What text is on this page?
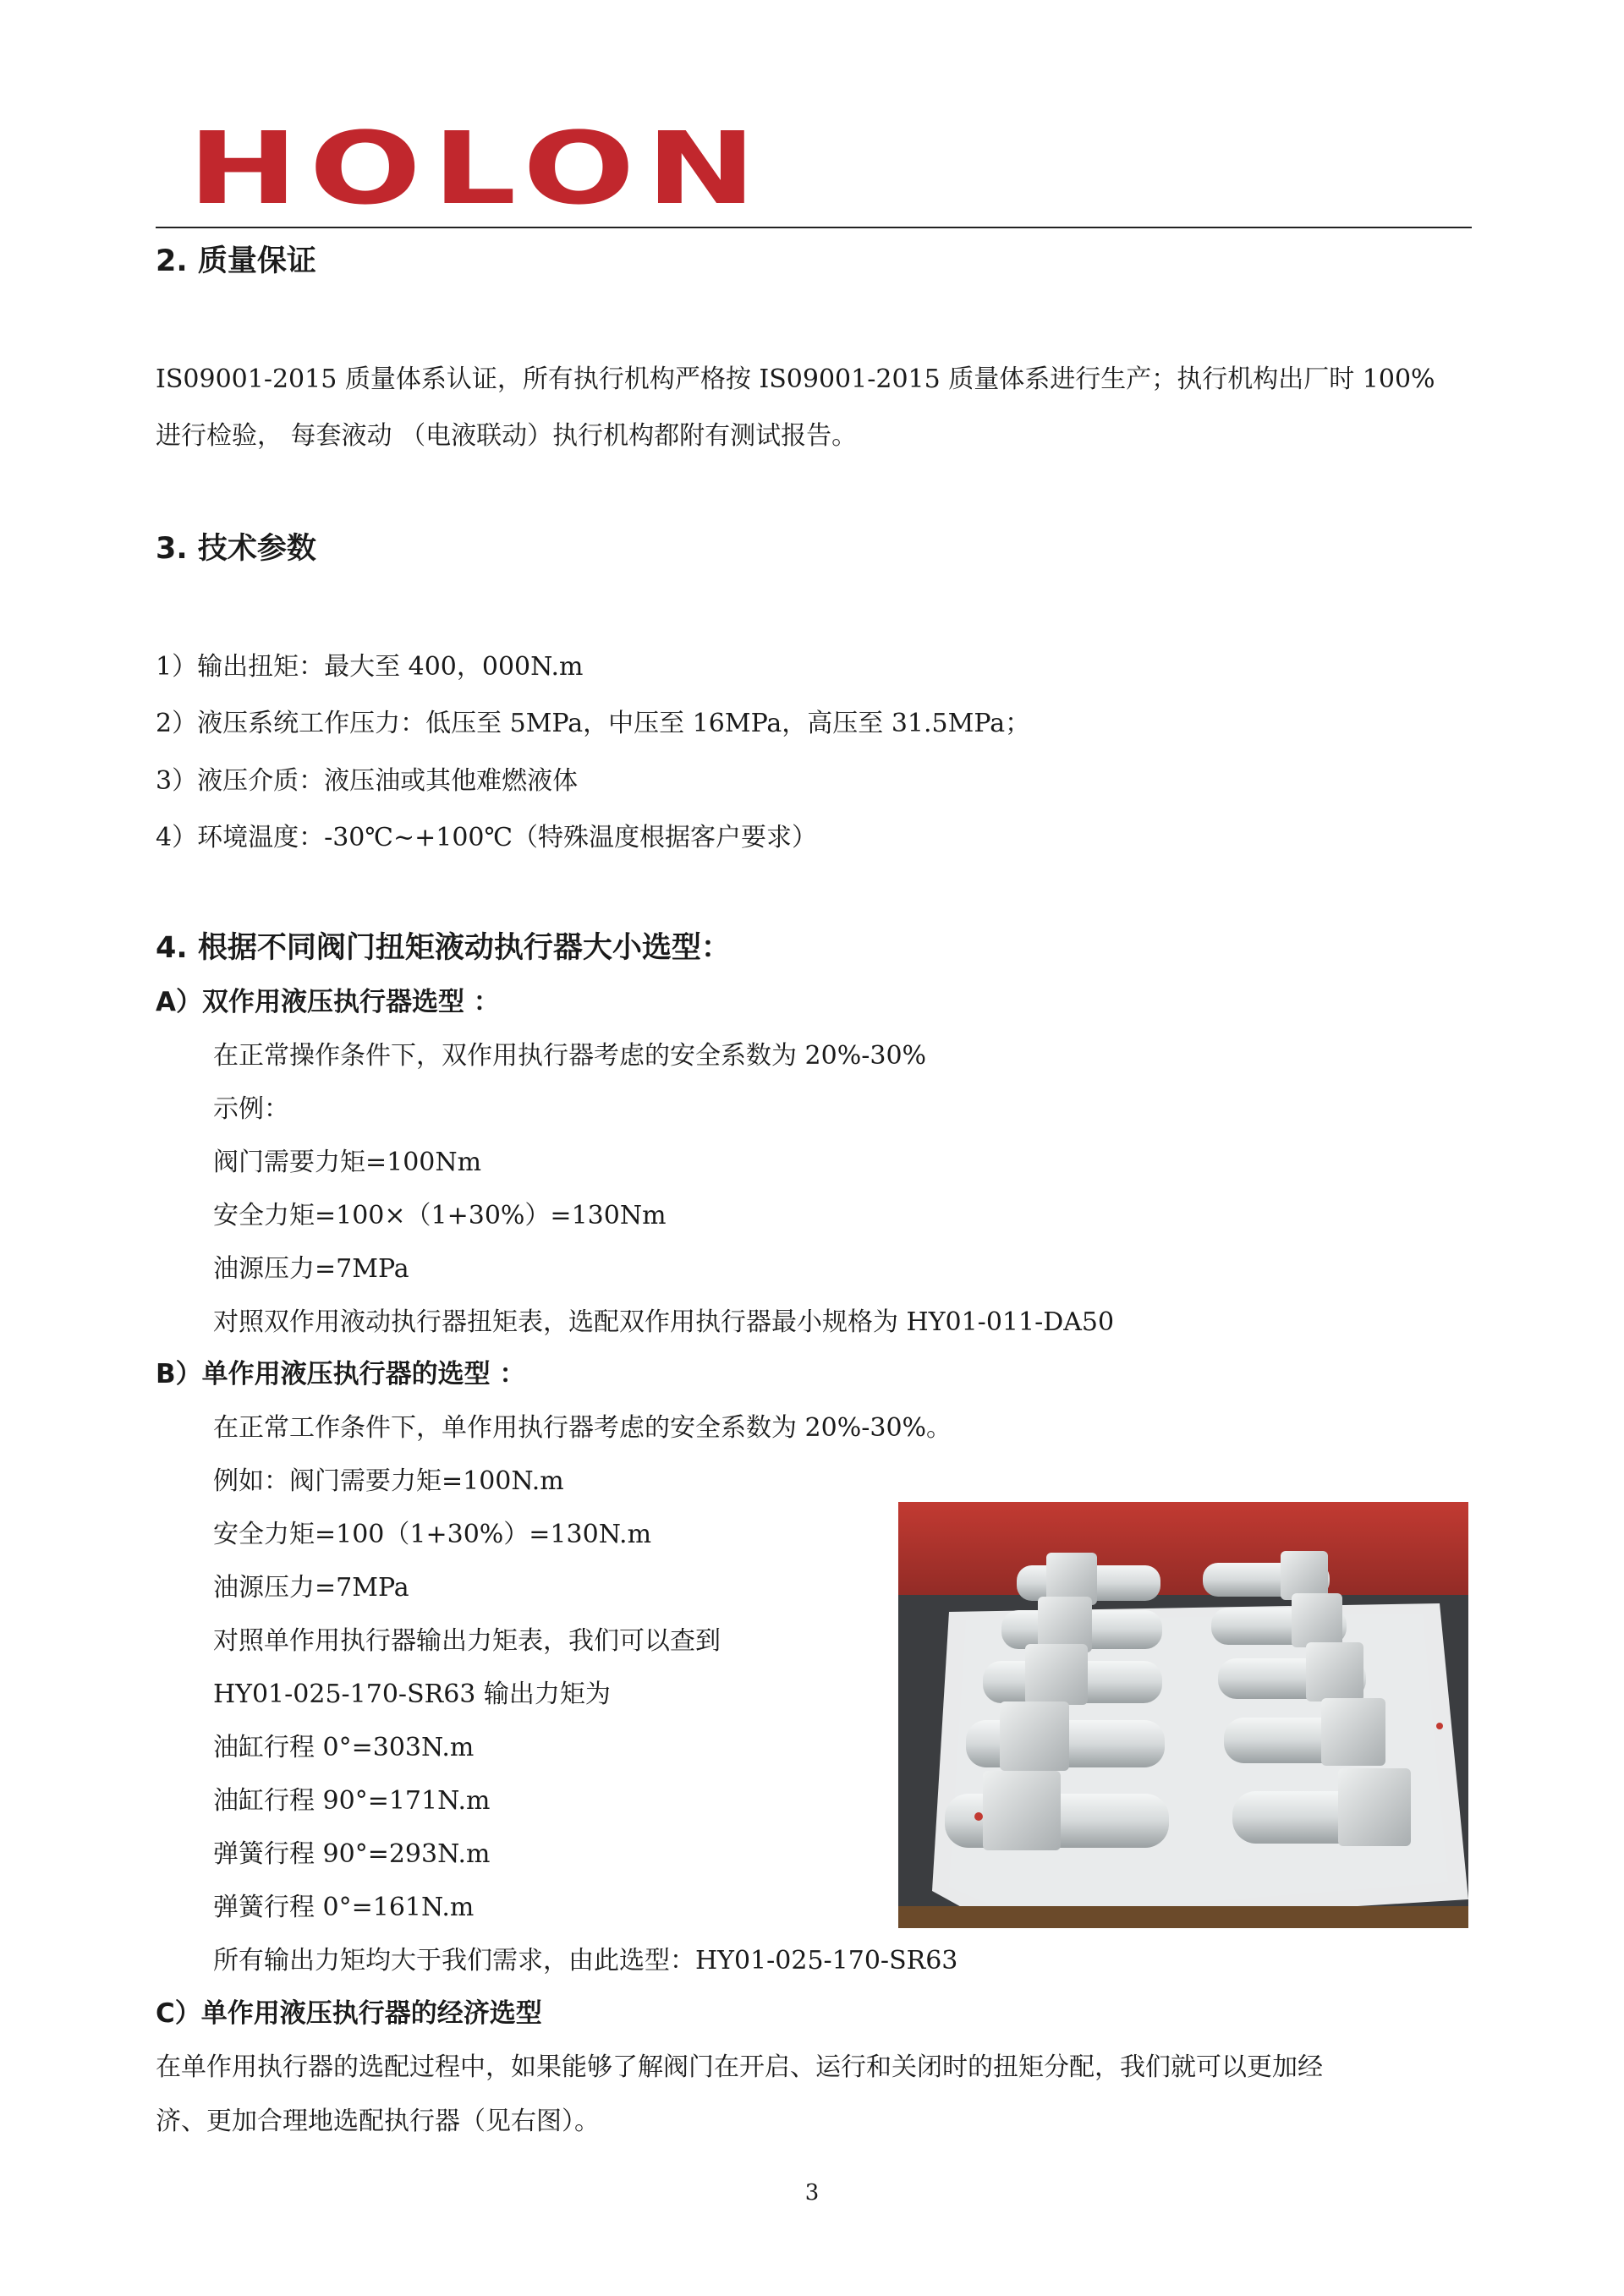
HOLON
2. 质量保证
IS09001-2015 质量体系认证，所有执行机构严格按 IS09001-2015 质量体系进行生产；执行机构出厂时 100%
进行检验， 每套液动 （电液联动）执行机构都附有测试报告。
3. 技术参数
1）输出扭矩：最大至 400，000N.m
2）液压系统工作压力：低压至 5MPa，中压至 16MPa，高压至 31.5MPa；
3）液压介质：液压油或其他难燃液体
4）环境温度：-30℃~+100℃（特殊温度根据客户要求）
4. 根据不同阀门扭矩液动执行器大小选型：
A）双作用液压执行器选型 ：
在正常操作条件下，双作用执行器考虑的安全系数为 20%-30%
示例：
阀门需要力矩=100Nm
安全力矩=100×（1+30%）=130Nm
油源压力=7MPa
对照双作用液动执行器扭矩表，选配双作用执行器最小规格为 HY01-011-DA50
B）单作用液压执行器的选型 ：
在正常工作条件下，单作用执行器考虑的安全系数为 20%-30%。
例如：阀门需要力矩=100N.m
安全力矩=100（1+30%）=130N.m
油源压力=7MPa
对照单作用执行器输出力矩表，我们可以查到
HY01-025-170-SR63 输出力矩为
油缸行程 0°=303N.m
油缸行程 90°=171N.m
弹簧行程 90°=293N.m
弹簧行程 0°=161N.m
所有输出力矩均大于我们需求，由此选型：HY01-025-170-SR63
C）单作用液压执行器的经济选型
在单作用执行器的选配过程中，如果能够了解阀门在开启、运行和关闭时的扭矩分配，我们就可以更加经
济、更加合理地选配执行器（见右图）。
3
